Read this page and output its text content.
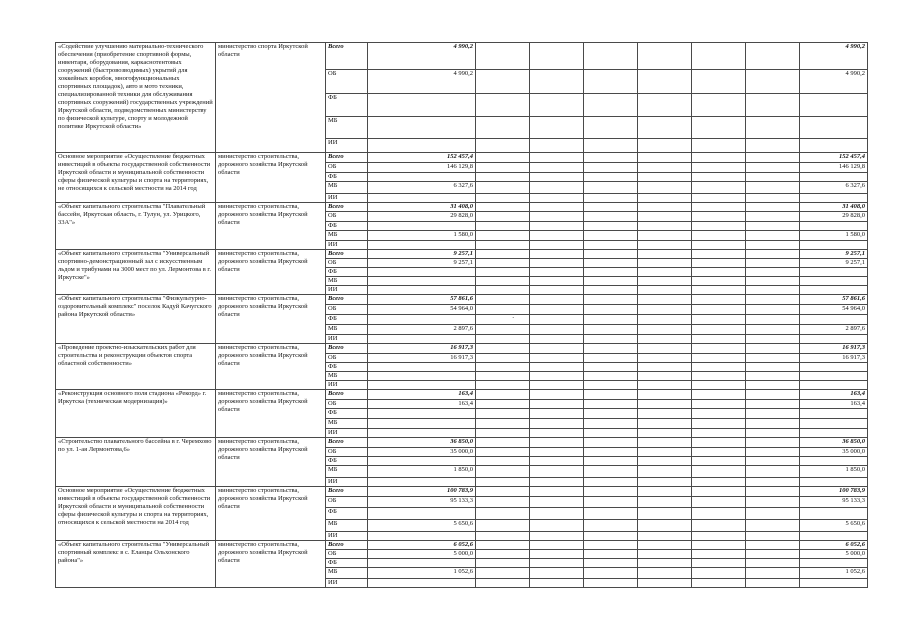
«Содействие улучшению материально-технического обеспечения (приобретение спортивной формы, инвентаря, оборудования, каркаснотентовых сооружений (быстровозводимых) укрытий для хоккейных коробок, многофункциональных спортивных площадок), авто и мото техники, специализированной техники для обслуживания спортивных сооружений) государственных учреждений Иркутской области, подведомственных министерству по физической культуре, спорту и молодежной политике Иркутской области»	министерство спорта Иркутской области	Всего	4 990,2							4 990,2
		ОБ	4 990,2							4 990,2
		ФБ								
		МБ								
		ИИ								
Основное мероприятие «Осуществление бюджетных инвестиций в объекты государственной собственности Иркутской области и муниципальной собственности сферы физической культуры и спорта на территориях, не относящихся к сельской местности на 2014 год	министерство строительства, дорожного хозяйства Иркутской области	Всего	152 457,4							152 457,4
		ОБ	146 129,8							146 129,8
		ФБ								
		МБ	6 327,6							6 327,6
		ИИ								
«Объект капитального строительства "Плавательный бассейн, Иркутская область, г. Тулун, ул. Урицкого, 33А"»	министерство строительства, дорожного хозяйства Иркутской области	Всего	31 408,0							31 408,0
		ОБ	29 828,0							29 828,0
		ФБ								
		МБ	1 580,0							1 580,0
		ИИ								
«Объект капитального строительства "Универсальный спортивно-демонстрационный зал с искусственным льдом и трибунами на 3000 мест по ул. Лермонтова в г. Иркутске"»	министерство строительства, дорожного хозяйства Иркутской области	Всего	9 257,1							9 257,1
		ОБ	9 257,1							9 257,1
		ФБ								
		МБ								
		ИИ								
«Объект капитального строительства "Физкультурно-оздоровительный комплекс" поселок Кадуй Качугского района Иркутской области»	министерство строительства, дорожного хозяйства Иркутской области	Всего	57 861,6							57 861,6
		ОБ	54 964,0							54 964,0
		ФБ								
		МБ	2 897,6							2 897,6
		ИИ								
«Проведение проектно-изыскательских работ для строительства и реконструкции объектов спорта областной собственности»	министерство строительства, дорожного хозяйства Иркутской области	Всего	16 917,3							16 917,3
		ОБ	16 917,3							16 917,3
		ФБ								
		МБ								
		ИИ								
«Реконструкция основного поля стадиона «Рекорд» г. Иркутска (техническая модернизация)»	министерство строительства, дорожного хозяйства Иркутской области	Всего	163,4							163,4
		ОБ	163,4							163,4
		ФБ								
		МБ								
		ИИ								
«Строительство плавательного бассейна в г. Черемхово по ул. 1-ая Лермонтова,6»	министерство строительства, дорожного хозяйства Иркутской области	Всего	36 850,0							36 850,0
		ОБ	35 000,0							35 000,0
		ФБ								
		МБ	1 850,0							1 850,0
		ИИ								
Основное мероприятие «Осуществление бюджетных инвестиций в объекты государственной собственности Иркутской области и муниципальной собственности сферы физической культуры и спорта на территориях, относящихся к сельской местности на 2014 год	министерство строительства, дорожного хозяйства Иркутской области	Всего	100 783,9							100 783,9
		ОБ	95 133,3							95 133,3
		ФБ								
		МБ	5 650,6							5 650,6
		ИИ								
«Объект капитального строительства "Универсальный спортивный комплекс в с. Еланцы Ольхонского района"»	министерство строительства, дорожного хозяйства Иркутской области	Всего	6 052,6							6 052,6
		ОБ	5 000,0							5 000,0
		ФБ								
		МБ	1 052,6							1 052,6
		ИИ								
·
